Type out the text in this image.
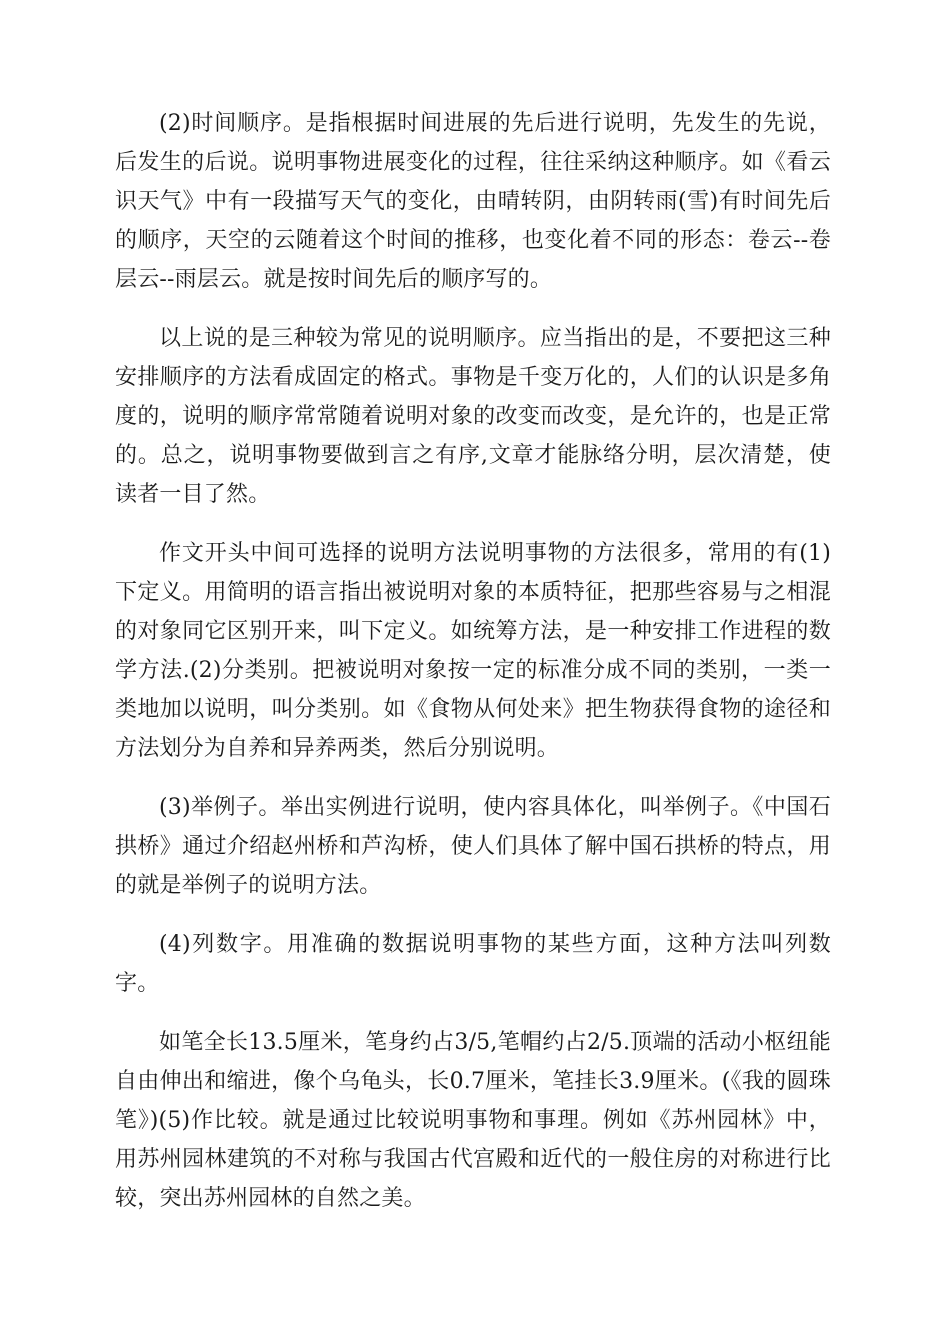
(2)时间顺序。是指根据时间进展的先后进行说明，先发生的先说，后发生的后说。说明事物进展变化的过程，往往采纳这种顺序。如《看云识天气》中有一段描写天气的变化，由晴转阴，由阴转雨(雪)有时间先后的顺序，天空的云随着这个时间的推移，也变化着不同的形态：卷云--卷层云--雨层云。就是按时间先后的顺序写的。

以上说的是三种较为常见的说明顺序。应当指出的是，不要把这三种安排顺序的方法看成固定的格式。事物是千变万化的，人们的认识是多角度的，说明的顺序常常随着说明对象的改变而改变，是允许的，也是正常的。总之，说明事物要做到言之有序,文章才能脉络分明，层次清楚，使读者一目了然。

作文开头中间可选择的说明方法说明事物的方法很多，常用的有(1)下定义。用简明的语言指出被说明对象的本质特征，把那些容易与之相混的对象同它区别开来，叫下定义。如统筹方法，是一种安排工作进程的数学方法.(2)分类别。把被说明对象按一定的标准分成不同的类别，一类一类地加以说明，叫分类别。如《食物从何处来》把生物获得食物的途径和方法划分为自养和异养两类，然后分别说明。

(3)举例子。举出实例进行说明，使内容具体化，叫举例子。《中国石拱桥》通过介绍赵州桥和芦沟桥，使人们具体了解中国石拱桥的特点，用的就是举例子的说明方法。

(4)列数字。用准确的数据说明事物的某些方面，这种方法叫列数字。

如笔全长13.5厘米，笔身约占3/5,笔帽约占2/5.顶端的活动小枢纽能自由伸出和缩进，像个乌龟头，长0.7厘米，笔挂长3.9厘米。(《我的圆珠笔》)(5)作比较。就是通过比较说明事物和事理。例如《苏州园林》中，用苏州园林建筑的不对称与我国古代宫殿和近代的一般住房的对称进行比较，突出苏州园林的自然之美。
